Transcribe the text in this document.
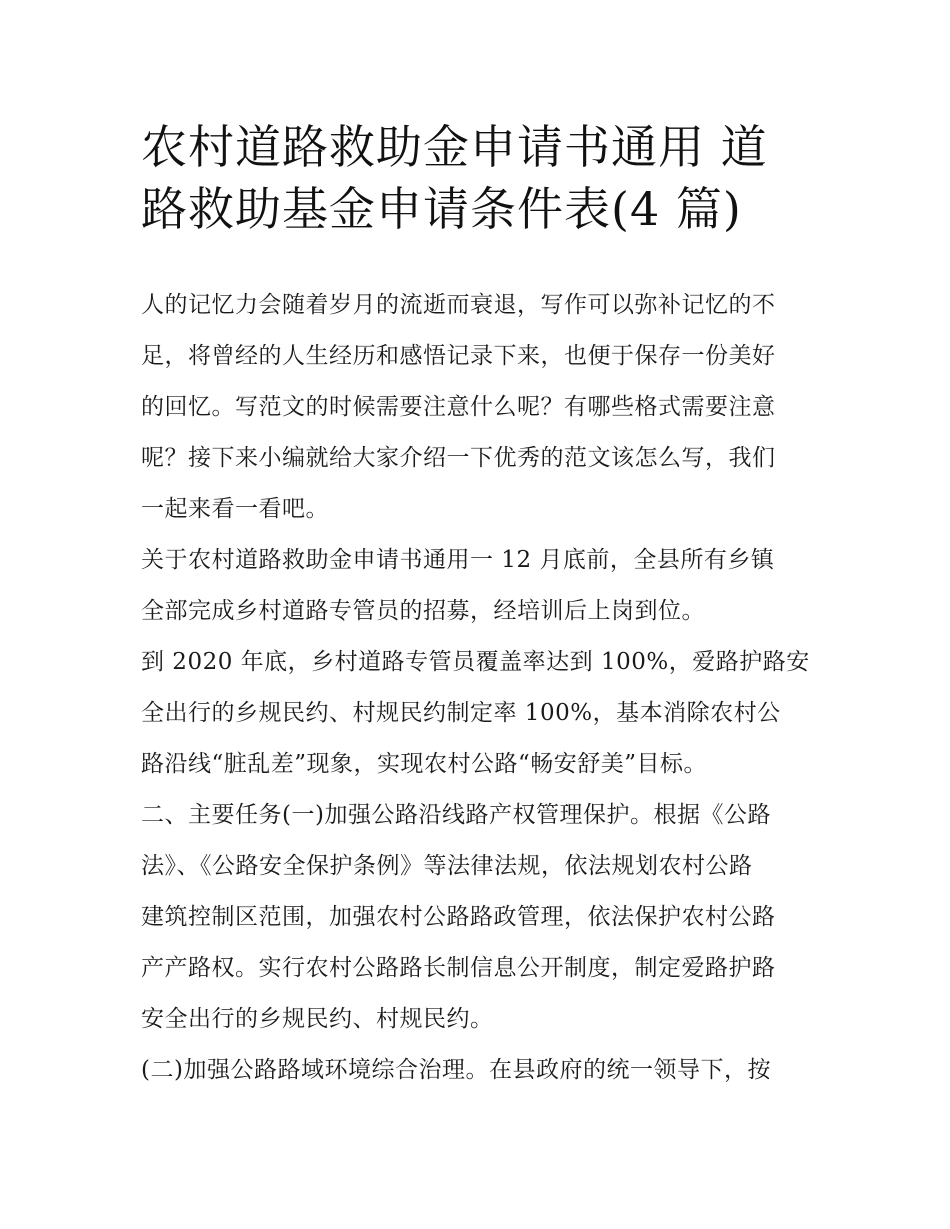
农村道路救助金申请书通用 道
路救助基金申请条件表(4 篇)

人的记忆力会随着岁月的流逝而衰退，写作可以弥补记忆的不
足，将曾经的人生经历和感悟记录下来，也便于保存一份美好
的回忆。写范文的时候需要注意什么呢？有哪些格式需要注意
呢？接下来小编就给大家介绍一下优秀的范文该怎么写，我们
一起来看一看吧。

关于农村道路救助金申请书通用一 12 月底前，全县所有乡镇
全部完成乡村道路专管员的招募，经培训后上岗到位。

到 2020 年底，乡村道路专管员覆盖率达到 100%，爱路护路安
全出行的乡规民约、村规民约制定率 100%，基本消除农村公
路沿线“脏乱差”现象，实现农村公路“畅安舒美”目标。

二、主要任务(一)加强公路沿线路产权管理保护。根据《公路
法》、《公路安全保护条例》等法律法规，依法规划农村公路
建筑控制区范围，加强农村公路路政管理，依法保护农村公路
产产路权。实行农村公路路长制信息公开制度，制定爱路护路
安全出行的乡规民约、村规民约。

(二)加强公路路域环境综合治理。在县政府的统一领导下，按
